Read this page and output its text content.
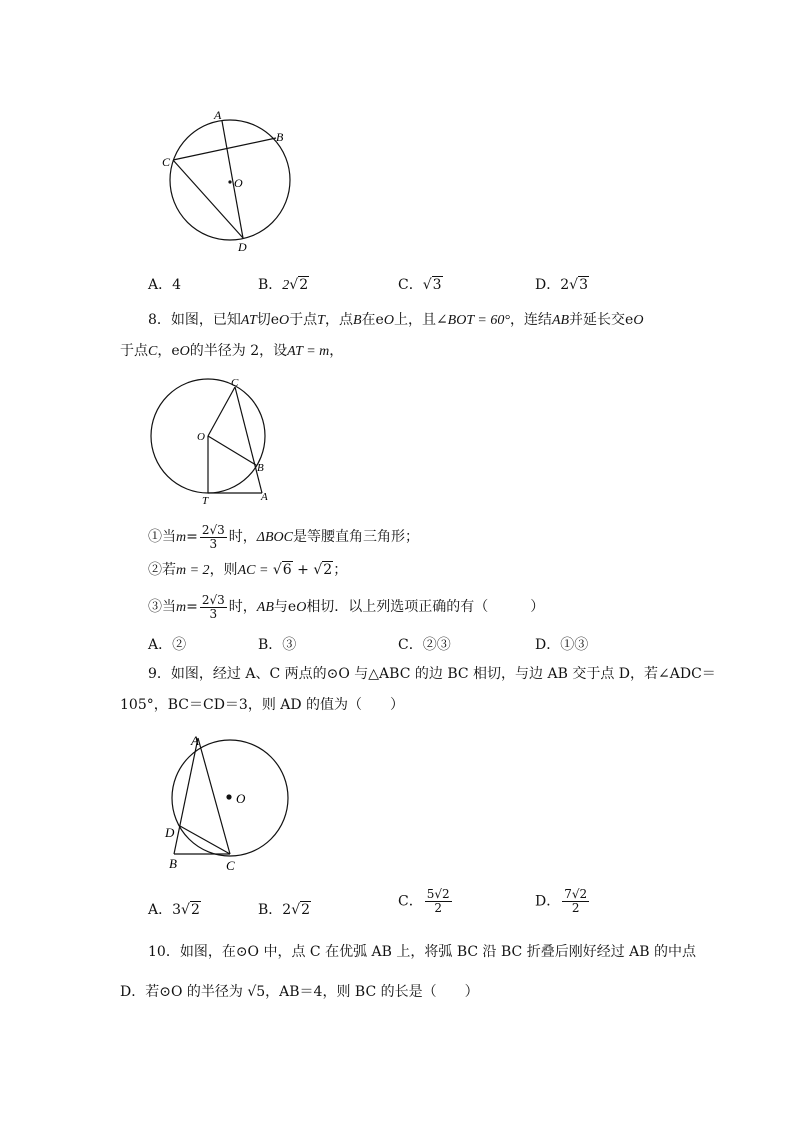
A
B
C
D
O
A．4	B．2√2	C．√3	D．2√3
8．如图，已知AT切eO于点T，点B在eO上，且∠BOT = 60°，连结AB并延长交eO
于点C，eO的半径为 2，设AT = m，
C
O
B
T	A
①当$m= \frac{2√3}{3}$ 时，ΔBOC是等腰直角三角形；
②若m = 2，则AC = √6 + √2；
③当$m= \frac{2√3}{3}$ 时，AB与eO相切．以上列选项正确的有（　　　）
A．②	B．③	C．②③	D．①③
9．如图，经过 A、C 两点的⊙O 与△ABC 的边 BC 相切，与边 AB 交于点 D，若∠ADC＝
105°，BC＝CD＝3，则 AD 的值为（　　）
A
O
D
B	C
A．3√2	B．2√2
C． $\frac{5√2}{2}$	D． $\frac{7√2}{2}$
10．如图，在⊙O 中，点 C 在优弧 AB 上，将弧 BC 沿 BC 折叠后刚好经过 AB 的中点
D．若⊙O 的半径为 √5，AB＝4，则 BC 的长是（　　）
